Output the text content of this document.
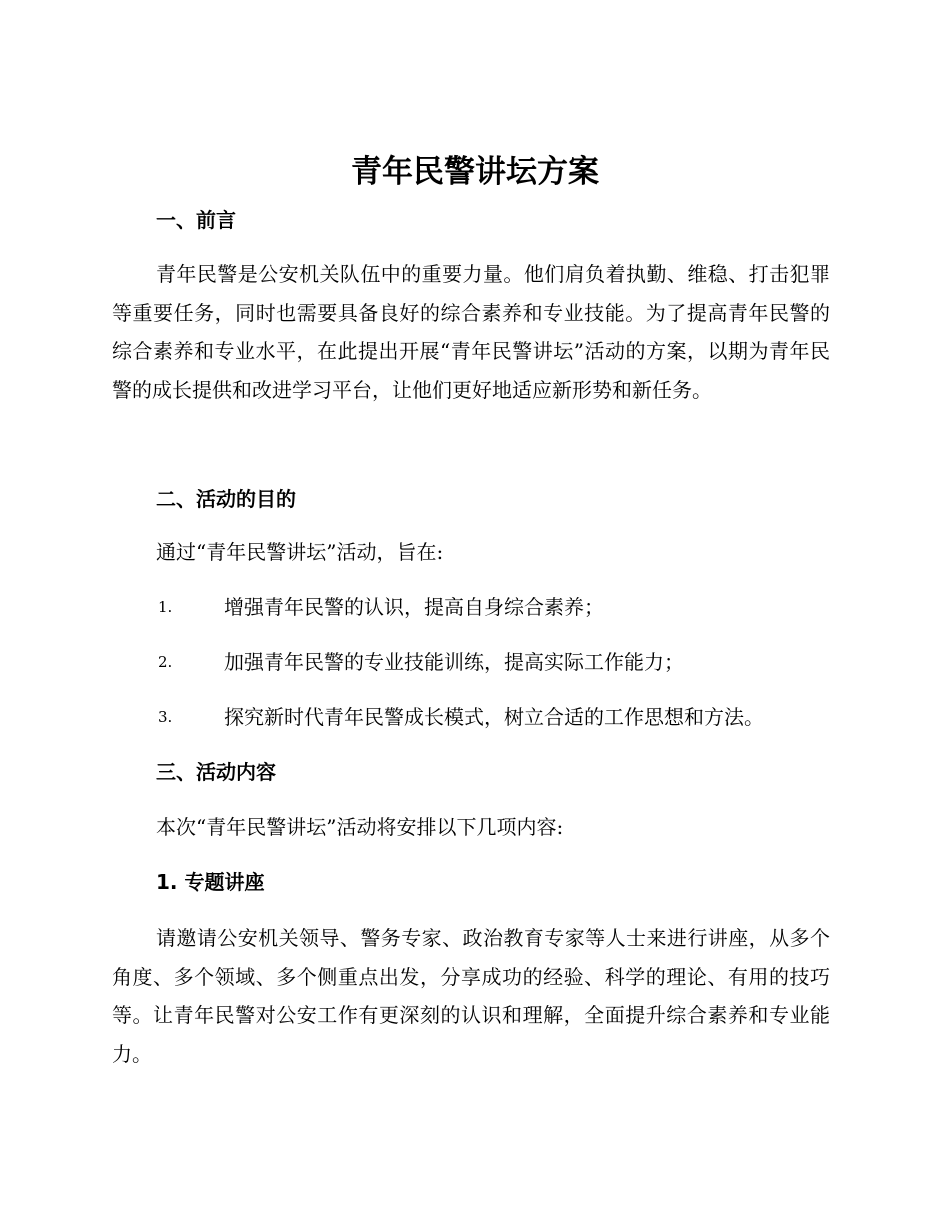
青年民警讲坛方案
一、前言

青年民警是公安机关队伍中的重要力量。他们肩负着执勤、维稳、打击犯罪等重要任务，同时也需要具备良好的综合素养和专业技能。为了提高青年民警的综合素养和专业水平，在此提出开展“青年民警讲坛”活动的方案，以期为青年民警的成长提供和改进学习平台，让他们更好地适应新形势和新任务。

二、活动的目的

通过“青年民警讲坛”活动，旨在:

1.	增强青年民警的认识，提高自身综合素养；
2.	加强青年民警的专业技能训练，提高实际工作能力；
3.	探究新时代青年民警成长模式，树立合适的工作思想和方法。
三、活动内容

本次“青年民警讲坛”活动将安排以下几项内容:

1. 专题讲座

请邀请公安机关领导、警务专家、政治教育专家等人士来进行讲座，从多个角度、多个领域、多个侧重点出发，分享成功的经验、科学的理论、有用的技巧等。让青年民警对公安工作有更深刻的认识和理解，全面提升综合素养和专业能力。
